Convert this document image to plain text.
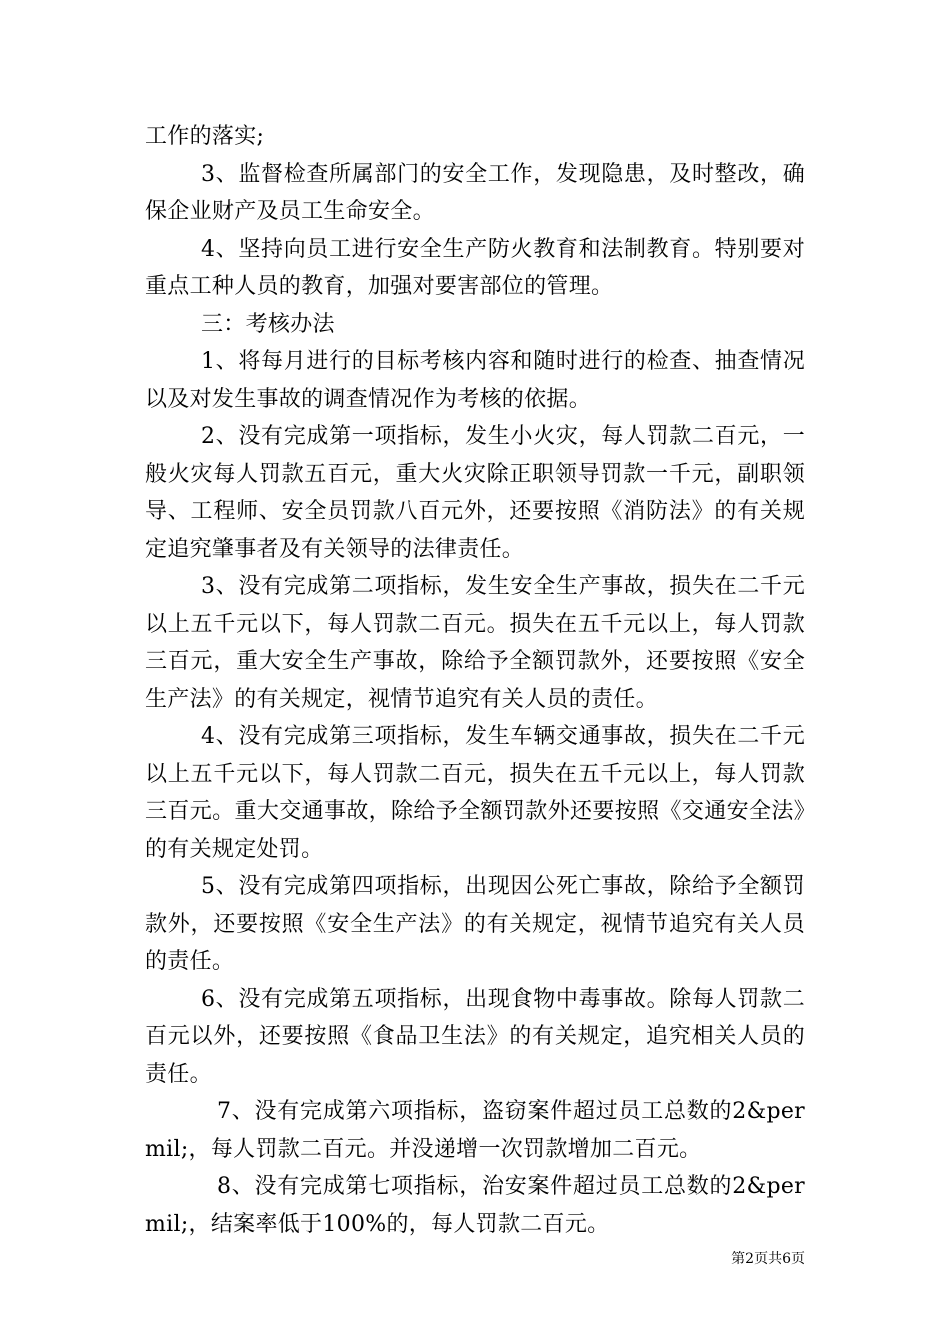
工作的落实;

3、监督检查所属部门的安全工作，发现隐患，及时整改，确保企业财产及员工生命安全。

4、坚持向员工进行安全生产防火教育和法制教育。特别要对重点工种人员的教育，加强对要害部位的管理。

三：考核办法

1、将每月进行的目标考核内容和随时进行的检查、抽查情况以及对发生事故的调查情况作为考核的依据。

2、没有完成第一项指标，发生小火灾，每人罚款二百元，一般火灾每人罚款五百元，重大火灾除正职领导罚款一千元，副职领导、工程师、安全员罚款八百元外，还要按照《消防法》的有关规定追究肇事者及有关领导的法律责任。

3、没有完成第二项指标，发生安全生产事故，损失在二千元以上五千元以下，每人罚款二百元。损失在五千元以上，每人罚款三百元，重大安全生产事故，除给予全额罚款外，还要按照《安全生产法》的有关规定，视情节追究有关人员的责任。

4、没有完成第三项指标，发生车辆交通事故，损失在二千元以上五千元以下，每人罚款二百元，损失在五千元以上，每人罚款三百元。重大交通事故，除给予全额罚款外还要按照《交通安全法》的有关规定处罚。

5、没有完成第四项指标，出现因公死亡事故，除给予全额罚款外，还要按照《安全生产法》的有关规定，视情节追究有关人员的责任。

6、没有完成第五项指标，出现食物中毒事故。除每人罚款二百元以外，还要按照《食品卫生法》的有关规定，追究相关人员的责任。

7、没有完成第六项指标，盗窃案件超过员工总数的2&permil;，每人罚款二百元。并没递增一次罚款增加二百元。

8、没有完成第七项指标，治安案件超过员工总数的2&permil;，结案率低于100%的，每人罚款二百元。

第2页共6页
